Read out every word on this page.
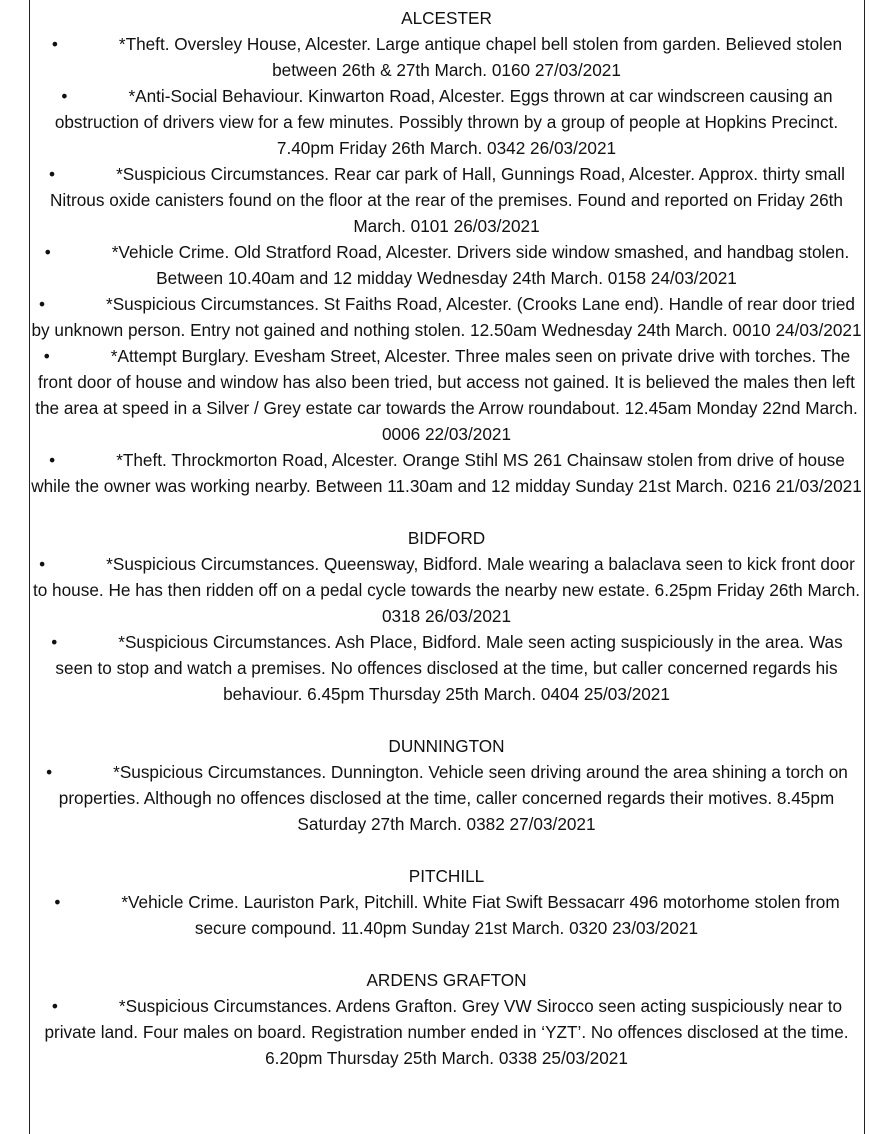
ALCESTER
•	*Theft. Oversley House, Alcester. Large antique chapel bell stolen from garden. Believed stolen between 26th & 27th March. 0160 27/03/2021
•	*Anti-Social Behaviour. Kinwarton Road, Alcester. Eggs thrown at car windscreen causing an obstruction of drivers view for a few minutes. Possibly thrown by a group of people at Hopkins Precinct. 7.40pm Friday 26th March. 0342 26/03/2021
•	*Suspicious Circumstances. Rear car park of Hall, Gunnings Road, Alcester. Approx. thirty small Nitrous oxide canisters found on the floor at the rear of the premises. Found and reported on Friday 26th March. 0101 26/03/2021
•	*Vehicle Crime. Old Stratford Road, Alcester. Drivers side window smashed, and handbag stolen. Between 10.40am and 12 midday Wednesday 24th March. 0158 24/03/2021
•	*Suspicious Circumstances. St Faiths Road, Alcester. (Crooks Lane end). Handle of rear door tried by unknown person. Entry not gained and nothing stolen. 12.50am Wednesday 24th March. 0010 24/03/2021
•	*Attempt Burglary. Evesham Street, Alcester. Three males seen on private drive with torches. The front door of house and window has also been tried, but access not gained. It is believed the males then left the area at speed in a Silver / Grey estate car towards the Arrow roundabout. 12.45am Monday 22nd March. 0006 22/03/2021
•	*Theft. Throckmorton Road, Alcester. Orange Stihl MS 261 Chainsaw stolen from drive of house while the owner was working nearby. Between 11.30am and 12 midday Sunday 21st March. 0216 21/03/2021
BIDFORD
•	*Suspicious Circumstances. Queensway, Bidford. Male wearing a balaclava seen to kick front door to house. He has then ridden off on a pedal cycle towards the nearby new estate. 6.25pm Friday 26th March. 0318 26/03/2021
•	*Suspicious Circumstances. Ash Place, Bidford. Male seen acting suspiciously in the area. Was seen to stop and watch a premises. No offences disclosed at the time, but caller concerned regards his behaviour. 6.45pm Thursday 25th March. 0404 25/03/2021
DUNNINGTON
•	*Suspicious Circumstances. Dunnington. Vehicle seen driving around the area shining a torch on properties. Although no offences disclosed at the time, caller concerned regards their motives. 8.45pm Saturday 27th March. 0382 27/03/2021
PITCHILL
•	*Vehicle Crime. Lauriston Park, Pitchill. White Fiat Swift Bessacarr 496 motorhome stolen from secure compound. 11.40pm Sunday 21st March. 0320 23/03/2021
ARDENS GRAFTON
•	*Suspicious Circumstances. Ardens Grafton. Grey VW Sirocco seen acting suspiciously near to private land. Four males on board. Registration number ended in ‘YZT’. No offences disclosed at the time. 6.20pm Thursday 25th March. 0338 25/03/2021
